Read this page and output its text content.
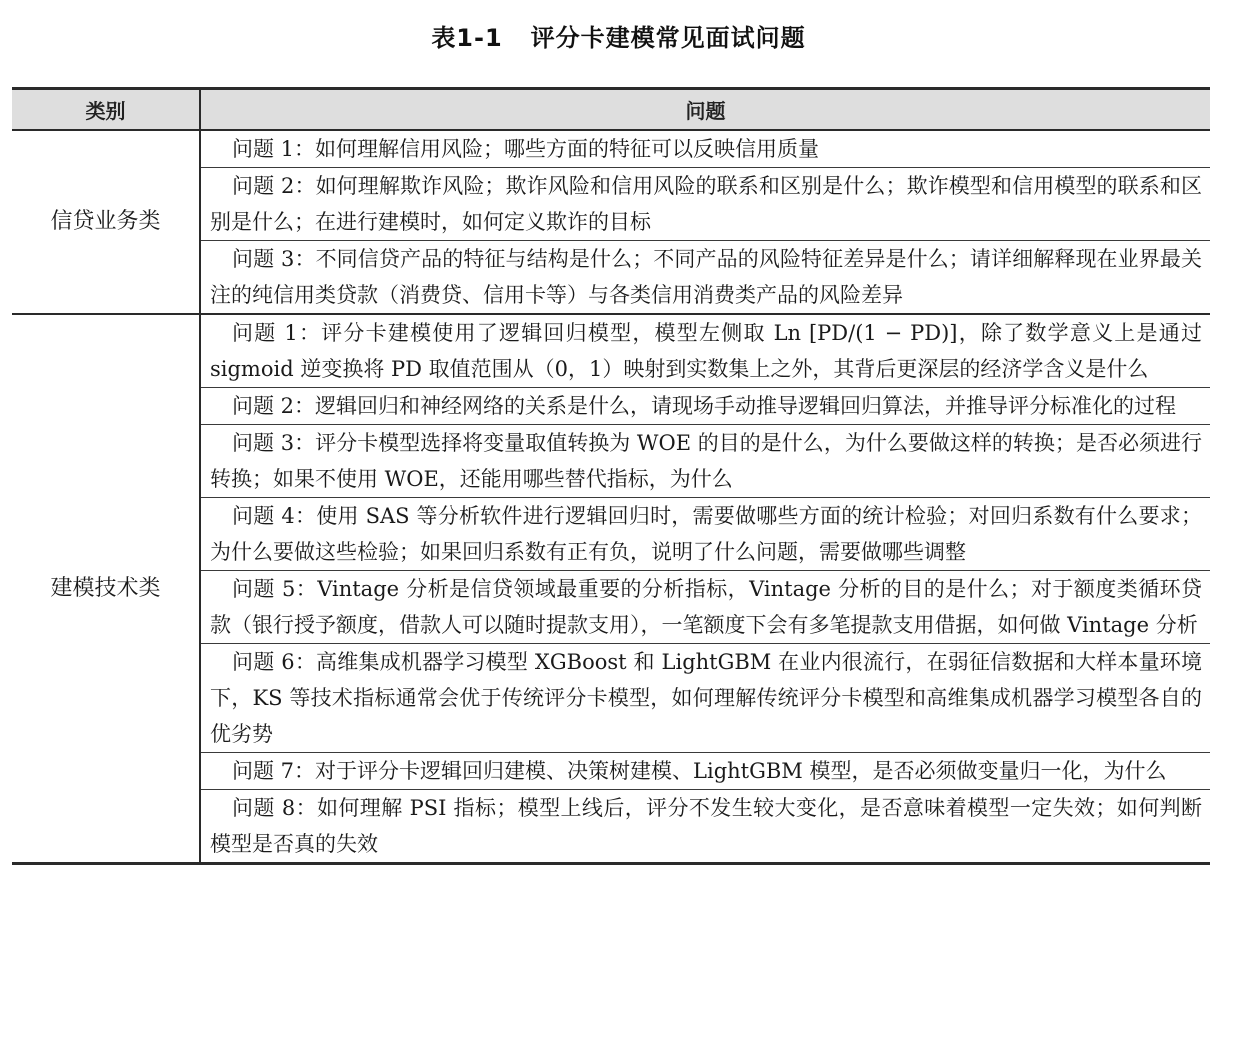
表1-1 评分卡建模常见面试问题
类别	问题
信贷业务类	问题 1：如何理解信用风险；哪些方面的特征可以反映信用质量
	问题 2：如何理解欺诈风险；欺诈风险和信用风险的联系和区别是什么；欺诈模型和信用模型的联系和区别是什么；在进行建模时，如何定义欺诈的目标
	问题 3：不同信贷产品的特征与结构是什么；不同产品的风险特征差异是什么；请详细解释现在业界最关注的纯信用类贷款（消费贷、信用卡等）与各类信用消费类产品的风险差异
建模技术类	问题 1：评分卡建模使用了逻辑回归模型，模型左侧取 Ln [PD/(1 − PD)]，除了数学意义上是通过 sigmoid 逆变换将 PD 取值范围从（0，1）映射到实数集上之外，其背后更深层的经济学含义是什么
	问题 2：逻辑回归和神经网络的关系是什么，请现场手动推导逻辑回归算法，并推导评分标准化的过程
	问题 3：评分卡模型选择将变量取值转换为 WOE 的目的是什么，为什么要做这样的转换；是否必须进行转换；如果不使用 WOE，还能用哪些替代指标，为什么
	问题 4：使用 SAS 等分析软件进行逻辑回归时，需要做哪些方面的统计检验；对回归系数有什么要求；为什么要做这些检验；如果回归系数有正有负，说明了什么问题，需要做哪些调整
	问题 5：Vintage 分析是信贷领域最重要的分析指标，Vintage 分析的目的是什么；对于额度类循环贷款（银行授予额度，借款人可以随时提款支用），一笔额度下会有多笔提款支用借据，如何做 Vintage 分析
	问题 6：高维集成机器学习模型 XGBoost 和 LightGBM 在业内很流行，在弱征信数据和大样本量环境下，KS 等技术指标通常会优于传统评分卡模型，如何理解传统评分卡模型和高维集成机器学习模型各自的优劣势
	问题 7：对于评分卡逻辑回归建模、决策树建模、LightGBM 模型，是否必须做变量归一化，为什么
	问题 8：如何理解 PSI 指标；模型上线后，评分不发生较大变化，是否意味着模型一定失效；如何判断模型是否真的失效
